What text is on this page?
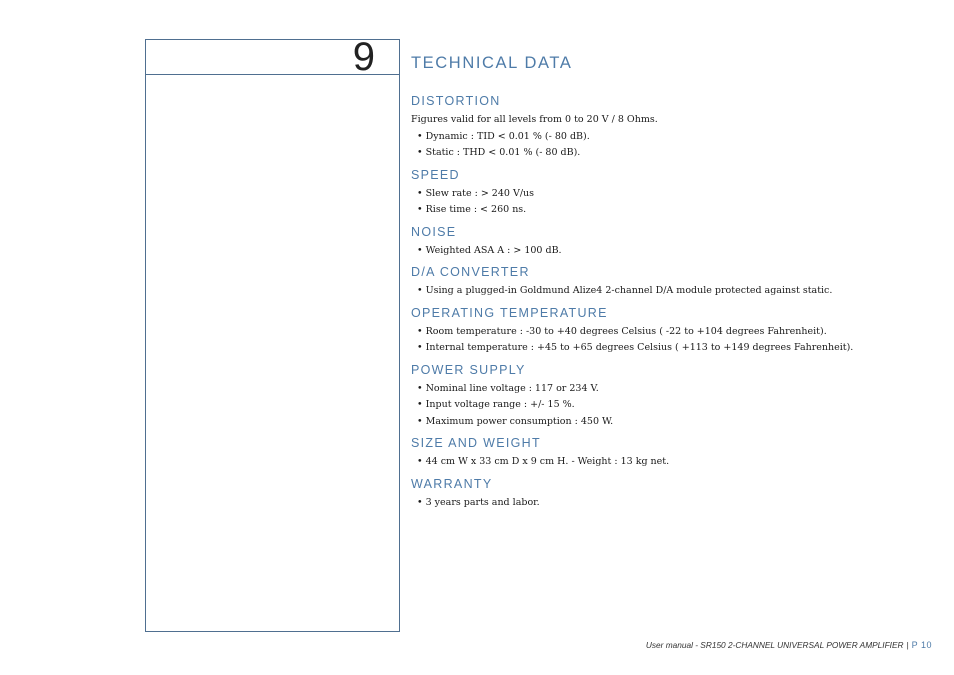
9 TECHNICAL DATA
DISTORTION

Figures valid for all levels from 0 to 20 V / 8 Ohms.

• Dynamic : TID < 0.01 % (- 80 dB).

• Static : THD < 0.01 % (- 80 dB).

SPEED

• Slew rate : > 240 V/us

• Rise time : < 260 ns.

NOISE

• Weighted ASA A : > 100 dB.

D/A CONVERTER

• Using a plugged-in Goldmund Alize4 2-channel D/A module protected against static.

OPERATING TEMPERATURE

• Room temperature : -30 to +40 degrees Celsius ( -22 to +104 degrees Fahrenheit).

• Internal temperature : +45 to +65 degrees Celsius ( +113 to +149 degrees Fahrenheit).

POWER SUPPLY

• Nominal line voltage : 117 or 234 V.

• Input voltage range : +/- 15 %.

• Maximum power consumption : 450 W.

SIZE AND WEIGHT

• 44 cm W x 33 cm D x 9 cm H. - Weight : 13 kg net.

WARRANTY

• 3 years parts and labor.

User manual - SR150 2-CHANNEL UNIVERSAL POWER AMPLIFIER | P 10
